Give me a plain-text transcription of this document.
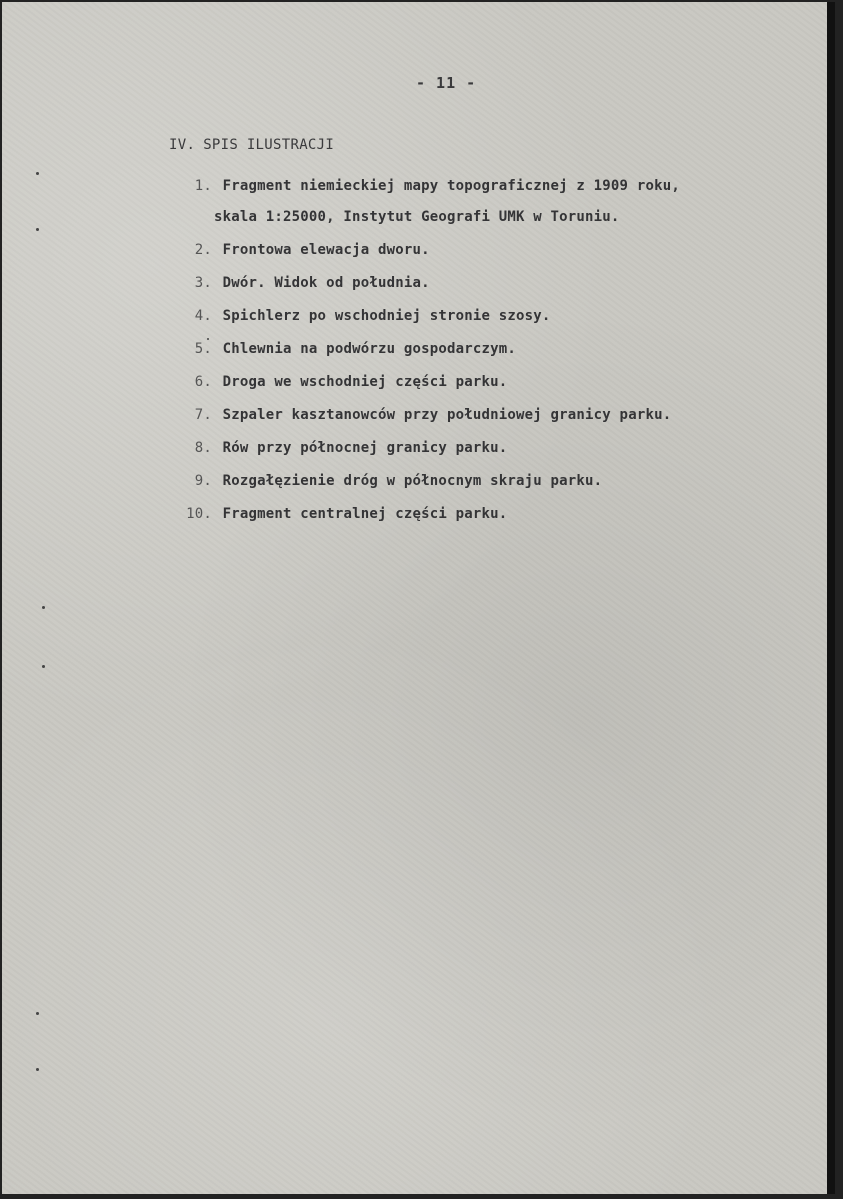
- 11 -
IV. SPIS ILUSTRACJI
1. Fragment niemieckiej mapy topograficznej z 1909 roku,
skala 1:25000, Instytut Geografi UMK w Toruniu.
2. Frontowa elewacja dworu.
3. Dwór. Widok od południa.
4. Spichlerz po wschodniej stronie szosy.
5. Chlewnia na podwórzu gospodarczym.
6. Droga we wschodniej części parku.
7. Szpaler kasztanowców przy południowej granicy parku.
8. Rów przy północnej granicy parku.
9. Rozgałęzienie dróg w północnym skraju parku.
10. Fragment centralnej części parku.
